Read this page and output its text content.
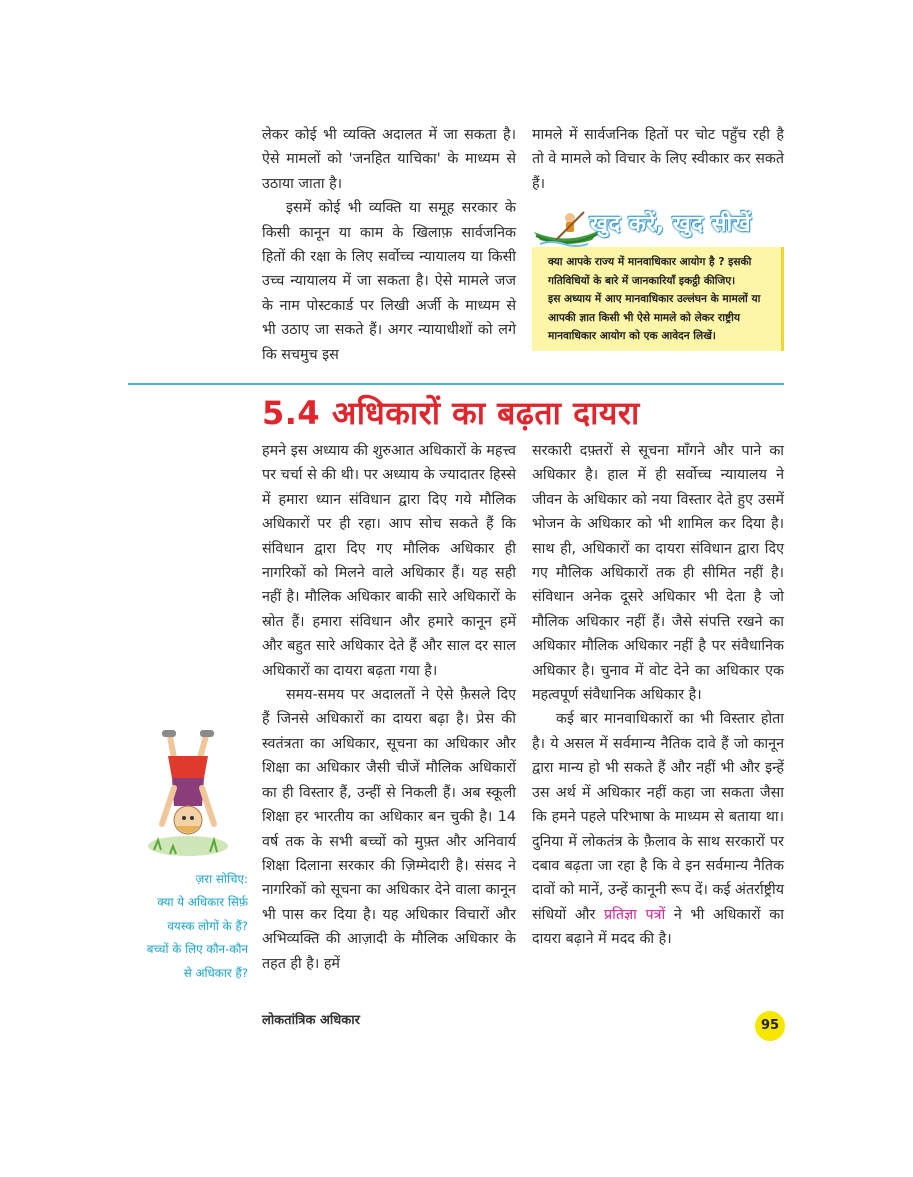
लेकर कोई भी व्यक्ति अदालत में जा सकता है। ऐसे मामलों को 'जनहित याचिका' के माध्यम से उठाया जाता है।

इसमें कोई भी व्यक्ति या समूह सरकार के किसी कानून या काम के खिलाफ़ सार्वजनिक हितों की रक्षा के लिए सर्वोच्च न्यायालय या किसी उच्च न्यायालय में जा सकता है। ऐसे मामले जज के नाम पोस्टकार्ड पर लिखी अर्जी के माध्यम से भी उठाए जा सकते हैं। अगर न्यायाधीशों को लगे कि सचमुच इस

मामले में सार्वजनिक हितों पर चोट पहुँच रही है तो वे मामले को विचार के लिए स्वीकार कर सकते हैं।

खुद करें, खुद सीखें

क्या आपके राज्य में मानवाधिकार आयोग है ? इसकी गतिविधियों के बारे में जानकारियाँ इकट्ठी कीजिए।

इस अध्याय में आए मानवाधिकार उल्लंघन के मामलों या आपकी ज्ञात किसी भी ऐसे मामले को लेकर राष्ट्रीय मानवाधिकार आयोग को एक आवेदन लिखें।

5.4 अधिकारों का बढ़ता दायरा

हमने इस अध्याय की शुरुआत अधिकारों के महत्त्व पर चर्चा से की थी। पर अध्याय के ज्यादातर हिस्से में हमारा ध्यान संविधान द्वारा दिए गये मौलिक अधिकारों पर ही रहा। आप सोच सकते हैं कि संविधान द्वारा दिए गए मौलिक अधिकार ही नागरिकों को मिलने वाले अधिकार हैं। यह सही नहीं है। मौलिक अधिकार बाकी सारे अधिकारों के स्रोत हैं। हमारा संविधान और हमारे कानून हमें और बहुत सारे अधिकार देते हैं और साल दर साल अधिकारों का दायरा बढ़ता गया है।

समय-समय पर अदालतों ने ऐसे फ़ैसले दिए हैं जिनसे अधिकारों का दायरा बढ़ा है। प्रेस की स्वतंत्रता का अधिकार, सूचना का अधिकार और शिक्षा का अधिकार जैसी चीजें मौलिक अधिकारों का ही विस्तार हैं, उन्हीं से निकली हैं। अब स्कूली शिक्षा हर भारतीय का अधिकार बन चुकी है। 14 वर्ष तक के सभी बच्चों को मुफ़्त और अनिवार्य शिक्षा दिलाना सरकार की ज़िम्मेदारी है। संसद ने नागरिकों को सूचना का अधिकार देने वाला कानून भी पास कर दिया है। यह अधिकार विचारों और अभिव्यक्ति की आज़ादी के मौलिक अधिकार के तहत ही है। हमें

सरकारी दफ़्तरों से सूचना माँगने और पाने का अधिकार है। हाल में ही सर्वोच्च न्यायालय ने जीवन के अधिकार को नया विस्तार देते हुए उसमें भोजन के अधिकार को भी शामिल कर दिया है। साथ ही, अधिकारों का दायरा संविधान द्वारा दिए गए मौलिक अधिकारों तक ही सीमित नहीं है। संविधान अनेक दूसरे अधिकार भी देता है जो मौलिक अधिकार नहीं हैं। जैसे संपत्ति रखने का अधिकार मौलिक अधिकार नहीं है पर संवैधानिक अधिकार है। चुनाव में वोट देने का अधिकार एक महत्वपूर्ण संवैधानिक अधिकार है।

कई बार मानवाधिकारों का भी विस्तार होता है। ये असल में सर्वमान्य नैतिक दावे हैं जो कानून द्वारा मान्य हो भी सकते हैं और नहीं भी और इन्हें उस अर्थ में अधिकार नहीं कहा जा सकता जैसा कि हमने पहले परिभाषा के माध्यम से बताया था। दुनिया में लोकतंत्र के फ़ैलाव के साथ सरकारों पर दबाव बढ़ता जा रहा है कि वे इन सर्वमान्य नैतिक दावों को मानें, उन्हें कानूनी रूप दें। कई अंतर्राष्ट्रीय संधियों और प्रतिज्ञा पत्रों ने भी अधिकारों का दायरा बढ़ाने में मदद की है।

ज़रा सोचिए:

क्या ये अधिकार सिर्फ़

वयस्क लोगों के हैं?

बच्चों के लिए कौन-कौन

से अधिकार हैं?

लोकतांत्रिक अधिकार	95
